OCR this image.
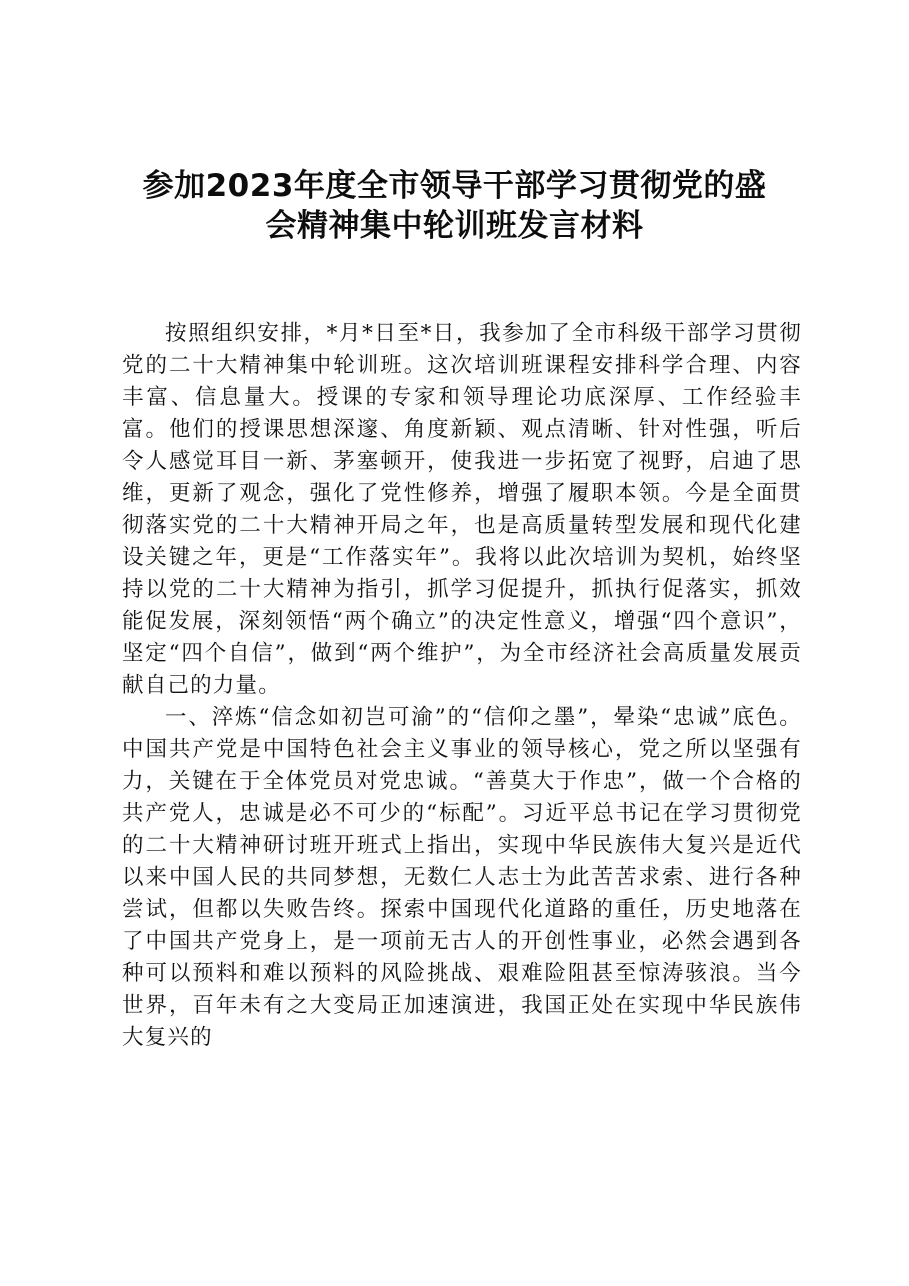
参加2023年度全市领导干部学习贯彻党的盛
会精神集中轮训班发言材料

按照组织安排，*月*日至*日，我参加了全市科级干部学习贯彻党的二十大精神集中轮训班。这次培训班课程安排科学合理、内容丰富、信息量大。授课的专家和领导理论功底深厚、工作经验丰富。他们的授课思想深邃、角度新颖、观点清晰、针对性强，听后令人感觉耳目一新、茅塞顿开，使我进一步拓宽了视野，启迪了思维，更新了观念，强化了党性修养，增强了履职本领。今是全面贯彻落实党的二十大精神开局之年，也是高质量转型发展和现代化建设关键之年，更是“工作落实年”。我将以此次培训为契机，始终坚持以党的二十大精神为指引，抓学习促提升，抓执行促落实，抓效能促发展，深刻领悟“两个确立”的决定性意义，增强“四个意识”，坚定“四个自信”，做到“两个维护”，为全市经济社会高质量发展贡献自己的力量。

一、淬炼“信念如初岂可渝”的“信仰之墨”，晕染“忠诚”底色。中国共产党是中国特色社会主义事业的领导核心，党之所以坚强有力，关键在于全体党员对党忠诚。“善莫大于作忠”，做一个合格的共产党人，忠诚是必不可少的“标配”。习近平总书记在学习贯彻党的二十大精神研讨班开班式上指出，实现中华民族伟大复兴是近代以来中国人民的共同梦想，无数仁人志士为此苦苦求索、进行各种尝试，但都以失败告终。探索中国现代化道路的重任，历史地落在了中国共产党身上，是一项前无古人的开创性事业，必然会遇到各种可以预料和难以预料的风险挑战、艰难险阻甚至惊涛骇浪。当今世界，百年未有之大变局正加速演进，我国正处在实现中华民族伟大复兴的
